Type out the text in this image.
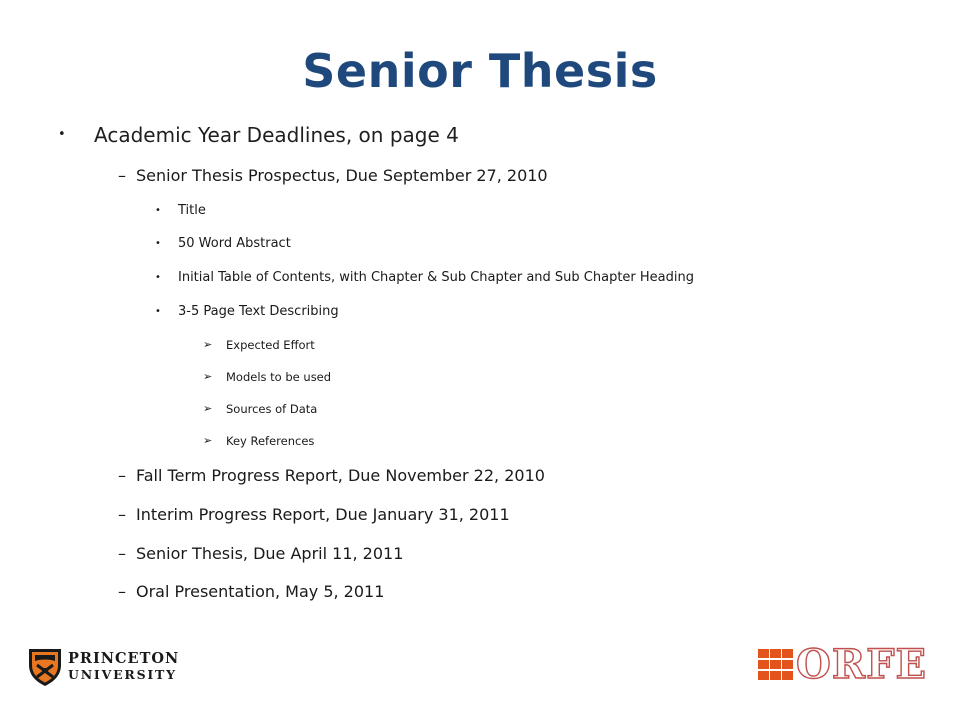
Senior Thesis
• Academic Year Deadlines, on page 4
– Senior Thesis Prospectus, Due September 27, 2010
• Title
• 50 Word Abstract
• Initial Table of Contents, with Chapter & Sub Chapter and Sub Chapter Heading
• 3-5 Page Text Describing
➢ Expected Effort
➢ Models to be used
➢ Sources of Data
➢ Key References
– Fall Term Progress Report, Due November 22, 2010
– Interim Progress Report, Due January 31, 2011
– Senior Thesis, Due April 11, 2011
– Oral Presentation, May 5, 2011
PRINCETON
UNIVERSITY	ORFE
